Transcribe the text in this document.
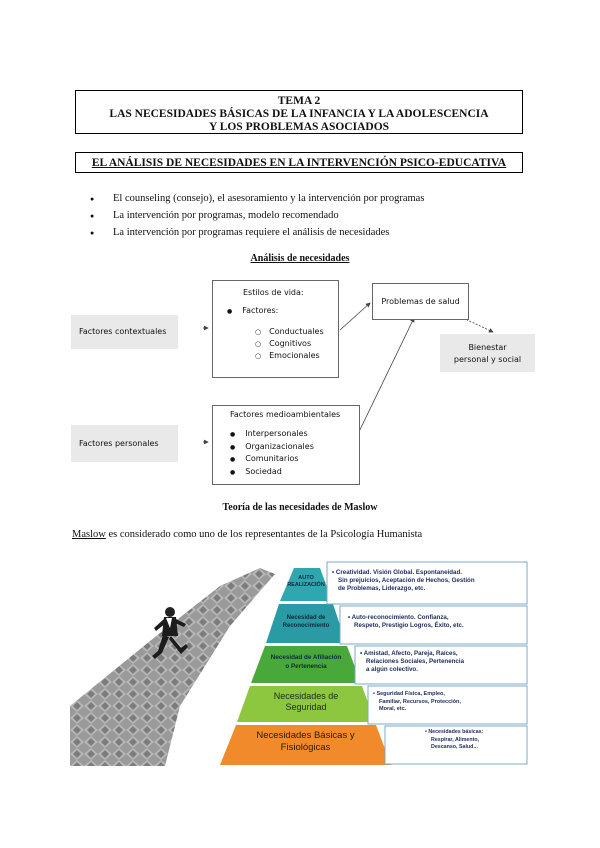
TEMA 2
LAS NECESIDADES BÁSICAS DE LA INFANCIA Y LA ADOLESCENCIA
Y LOS PROBLEMAS ASOCIADOS
EL ANÁLISIS DE NECESIDADES EN LA INTERVENCIÓN PSICO-EDUCATIVA
● El counseling (consejo), el asesoramiento y la intervención por programas
● La intervención por programas, modelo recomendado
● La intervención por programas requiere el análisis de necesidades
Análisis de necesidades
Factores contextuales
Factores personales
Estilos de vida:
● Factores:
○ Conductuales
○ Cognitivos
○ Emocionales
Factores medioambientales
● Interpersonales
● Organizacionales
● Comunitarios
● Sociedad
Problemas de salud
Bienestar
personal y social
Teoría de las necesidades de Maslow
Maslow es considerado como uno de los representantes de la Psicología Humanista
AUTO
REALIZACIÓN
Necesidad de
Reconocimiento
Necesidad de Afiliación
o Pertenencia
Necesidades de
Seguridad
Necesidades Básicas y
Fisiológicas
• Creatividad. Visión Global. Espontaneidad.
Sin prejuicios, Aceptación de Hechos, Gestión
de Problemas, Liderazgo, etc.
• Auto-reconocimiento. Confianza,
Respeto, Prestigio Logros, Éxito, etc.
• Amistad, Afecto, Pareja, Raíces,
Relaciones Sociales, Pertenencia
a algún colectivo.
• Seguridad Física, Empleo,
Familiar, Recursos, Protección,
Moral, etc.
• Necesidades básicas:
Respirar, Alimento,
Descanso, Salud...
